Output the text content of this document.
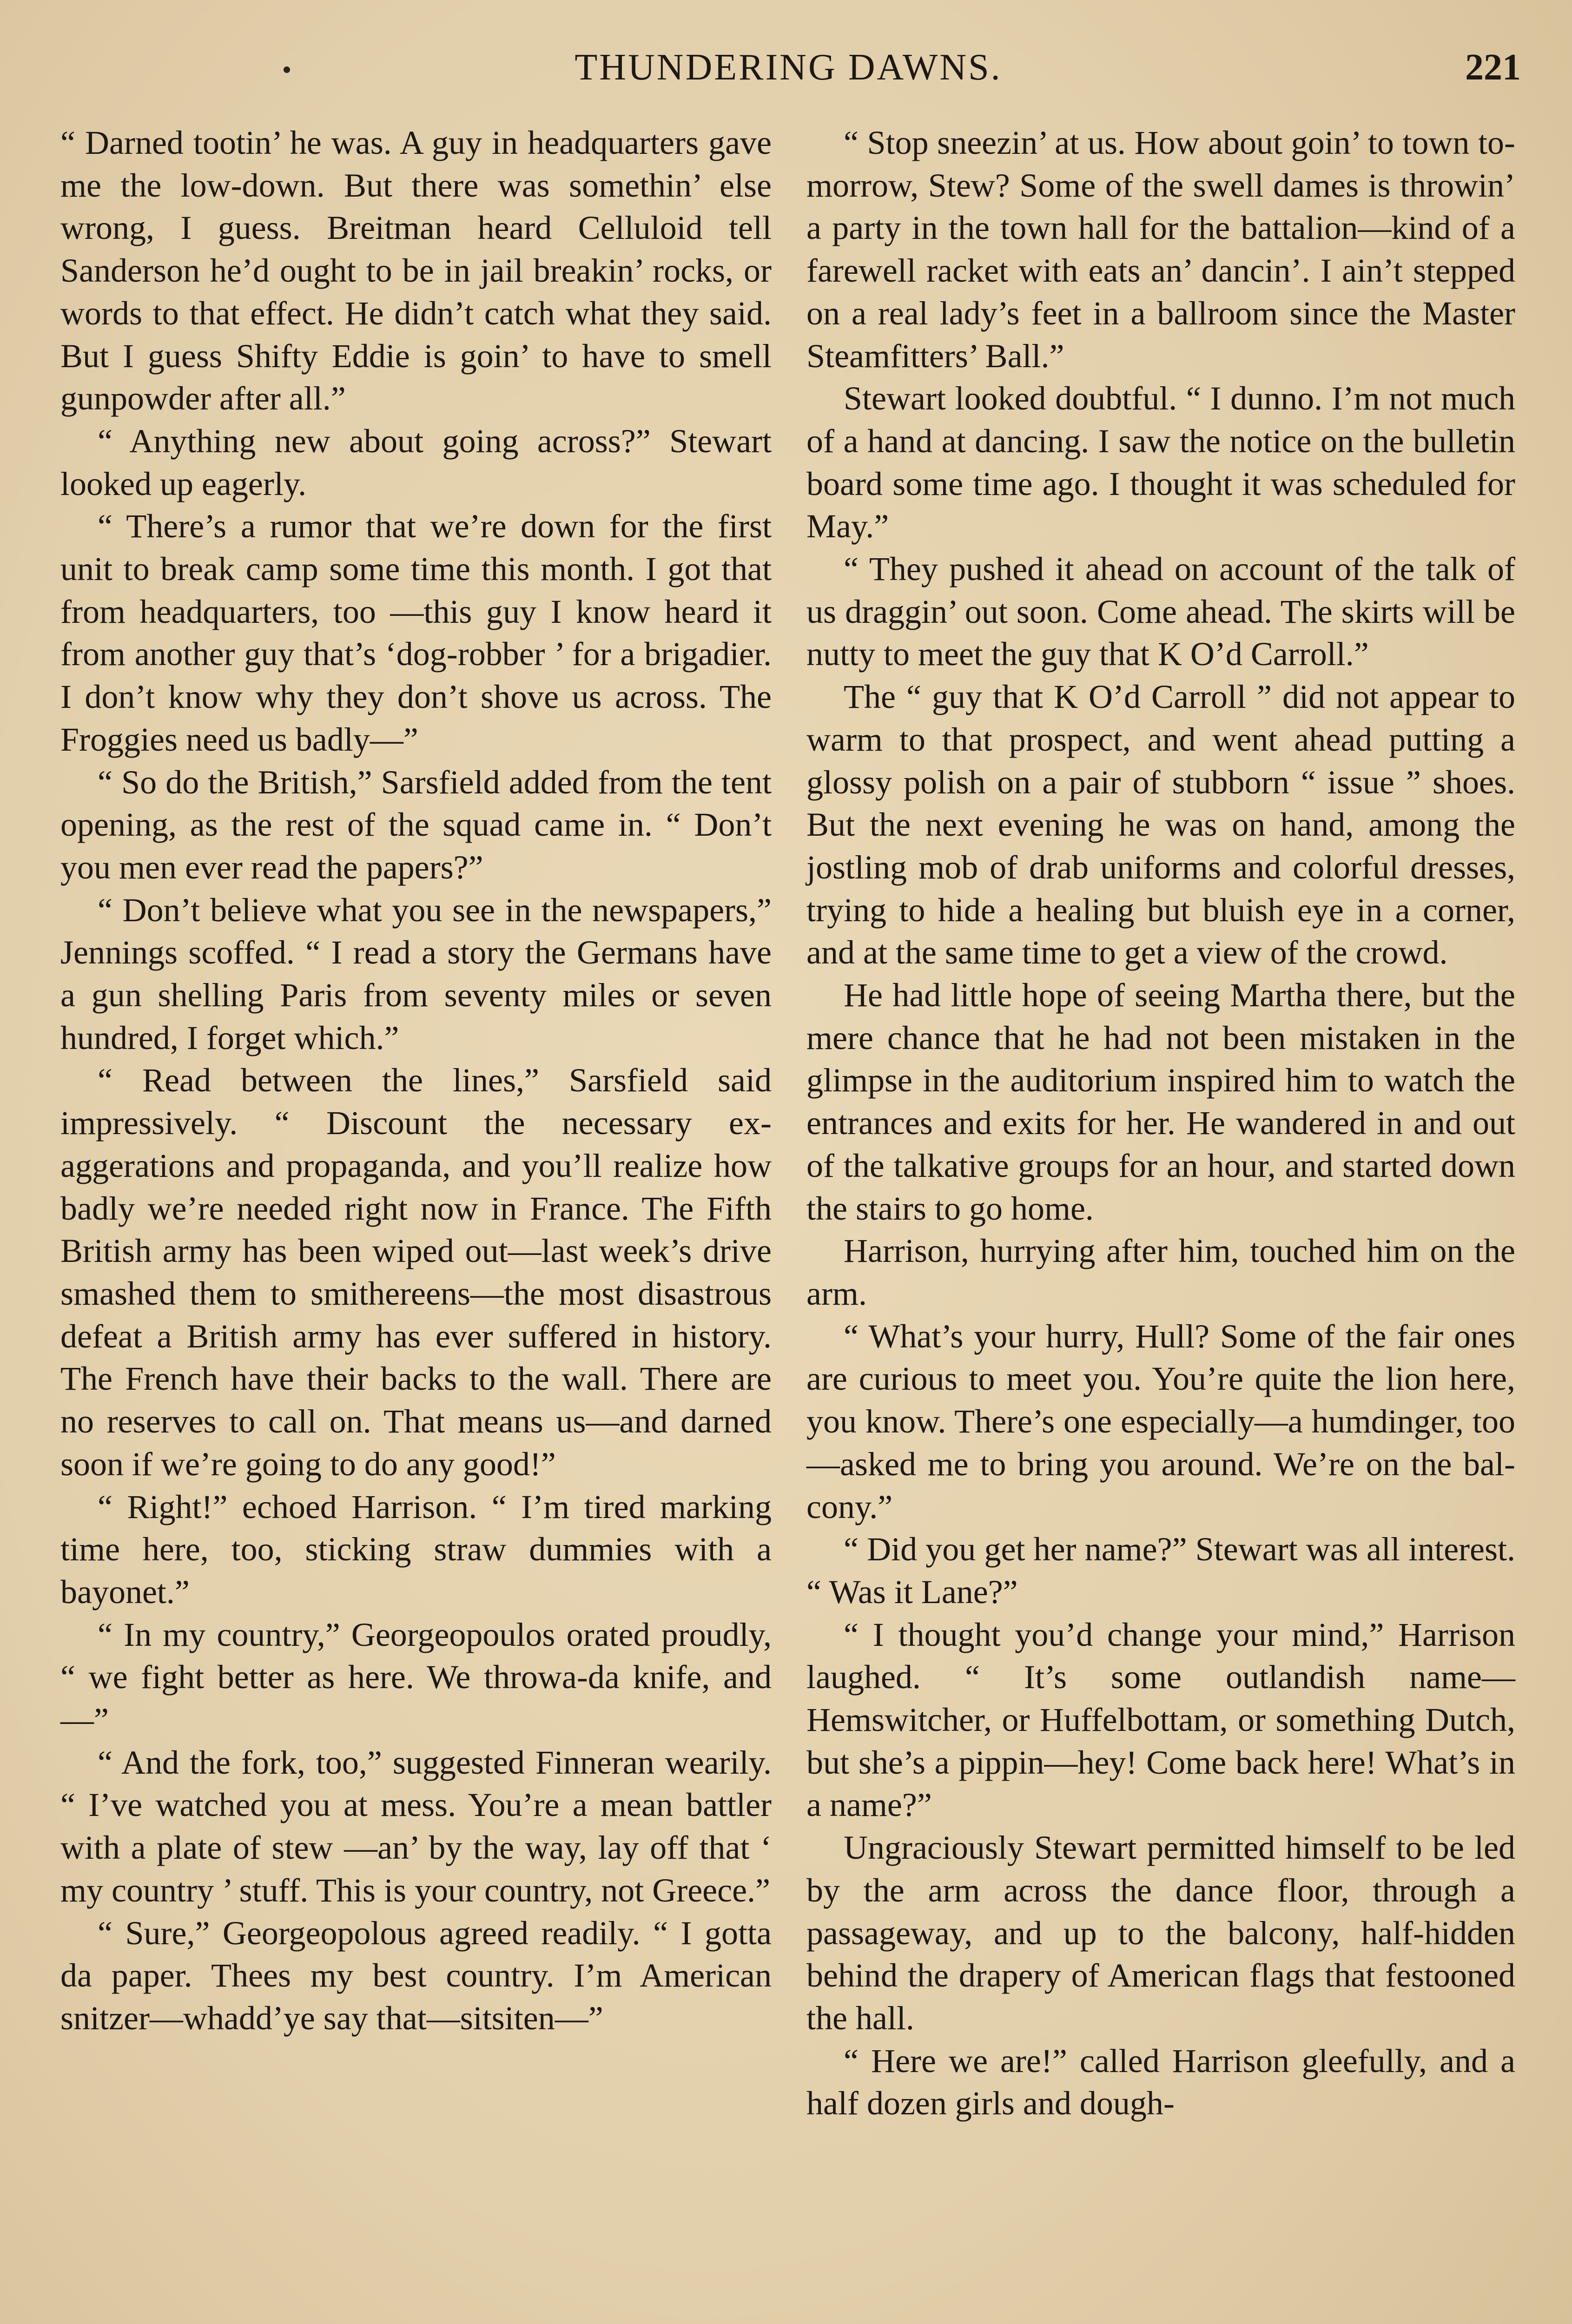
THUNDERING DAWNS.	221

“ Darned tootin’ he was. A guy in headquarters gave me the low-down. But there was somethin’ else wrong, I guess. Breitman heard Celluloid tell Sanderson he’d ought to be in jail breakin’ rocks, or words to that effect. He didn’t catch what they said. But I guess Shifty Eddie is goin’ to have to smell gunpowder after all.”

“ Anything new about going across?” Stewart looked up eagerly.

“ There’s a rumor that we’re down for the first unit to break camp some time this month. I got that from headquarters, too —this guy I know heard it from another guy that’s ‘dog-robber ’ for a brigadier. I don’t know why they don’t shove us across. The Froggies need us badly—”

“ So do the British,” Sarsfield added from the tent opening, as the rest of the squad came in. “ Don’t you men ever read the papers?”

“ Don’t believe what you see in the newspapers,” Jennings scoffed. “ I read a story the Germans have a gun shelling Paris from seventy miles or seven hundred, I forget which.”

“ Read between the lines,” Sarsfield said impressively. “ Discount the necessary exaggerations and propaganda, and you’ll realize how badly we’re needed right now in France. The Fifth British army has been wiped out—last week’s drive smashed them to smithereens—the most disastrous defeat a British army has ever suffered in history. The French have their backs to the wall. There are no reserves to call on. That means us—and darned soon if we’re going to do any good!”

“ Right!” echoed Harrison. “ I’m tired marking time here, too, sticking straw dummies with a bayonet.”

“ In my country,” Georgeopoulos orated proudly, “ we fight better as here. We throwa-da knife, and—”

“ And the fork, too,” suggested Finneran wearily. “ I’ve watched you at mess. You’re a mean battler with a plate of stew —an’ by the way, lay off that ‘ my country ’ stuff. This is your country, not Greece.”

“ Sure,” Georgeopolous agreed readily. “ I gotta da paper. Thees my best country. I’m American snitzer—whadd’ye say that—sitsiten—”

“ Stop sneezin’ at us. How about goin’ to town to-morrow, Stew? Some of the swell dames is throwin’ a party in the town hall for the battalion—kind of a farewell racket with eats an’ dancin’. I ain’t stepped on a real lady’s feet in a ballroom since the Master Steamfitters’ Ball.”

Stewart looked doubtful. “ I dunno. I’m not much of a hand at dancing. I saw the notice on the bulletin board some time ago. I thought it was scheduled for May.”

“ They pushed it ahead on account of the talk of us draggin’ out soon. Come ahead. The skirts will be nutty to meet the guy that K O’d Carroll.”

The “ guy that K O’d Carroll ” did not appear to warm to that prospect, and went ahead putting a glossy polish on a pair of stubborn “ issue ” shoes. But the next evening he was on hand, among the jostling mob of drab uniforms and colorful dresses, trying to hide a healing but bluish eye in a corner, and at the same time to get a view of the crowd.

He had little hope of seeing Martha there, but the mere chance that he had not been mistaken in the glimpse in the auditorium inspired him to watch the entrances and exits for her. He wandered in and out of the talkative groups for an hour, and started down the stairs to go home.

Harrison, hurrying after him, touched him on the arm.

“ What’s your hurry, Hull? Some of the fair ones are curious to meet you. You’re quite the lion here, you know. There’s one especially—a humdinger, too—asked me to bring you around. We’re on the balcony.”

“ Did you get her name?” Stewart was all interest. “ Was it Lane?”

“ I thought you’d change your mind,” Harrison laughed. “ It’s some outlandish name—Hemswitcher, or Huffelbottam, or something Dutch, but she’s a pippin—hey! Come back here! What’s in a name?”

Ungraciously Stewart permitted himself to be led by the arm across the dance floor, through a passageway, and up to the balcony, half-hidden behind the drapery of American flags that festooned the hall.

“ Here we are!” called Harrison gleefully, and a half dozen girls and dough-
